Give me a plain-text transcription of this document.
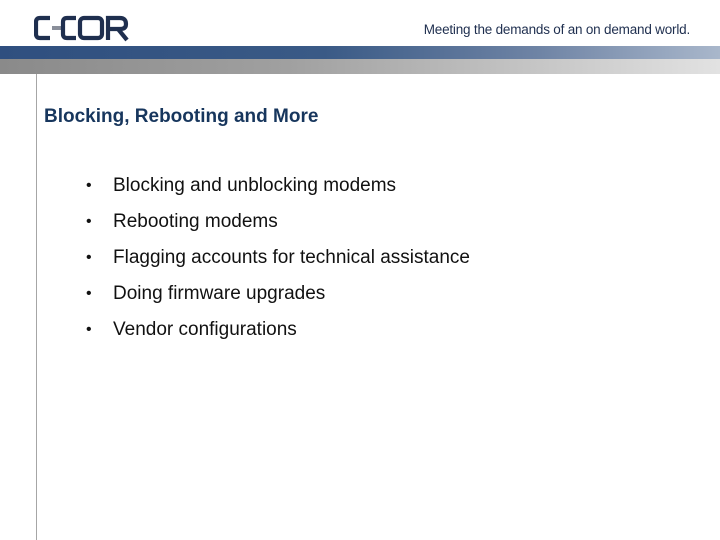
Meeting the demands of an on demand world.
Blocking, Rebooting and More
•	Blocking and unblocking modems
•	Rebooting modems
•	Flagging accounts for technical assistance
•	Doing firmware upgrades
•	Vendor configurations
